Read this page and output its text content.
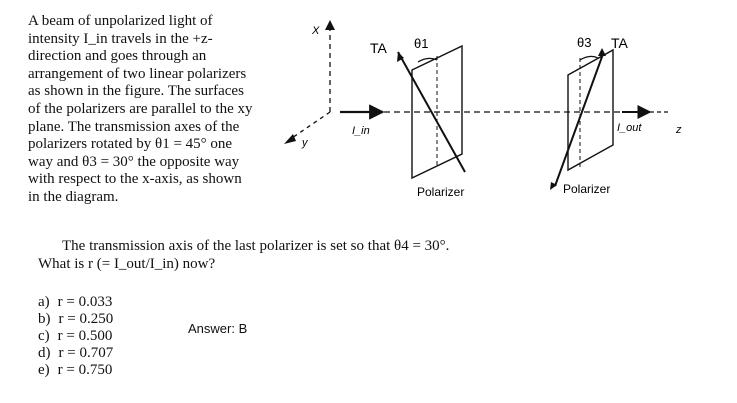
A beam of unpolarized light of
intensity I_in travels in the +z-
direction and goes through an
arrangement of two linear polarizers
as shown in the figure. The surfaces
of the polarizers are parallel to the xy
plane. The transmission axes of the
polarizers rotated by θ1 = 45° one
way and θ3 = 30° the opposite way
with respect to the x-axis, as shown
in the diagram.
The transmission axis of the last polarizer is set so that θ4 = 30°.
What is r (= I_out/I_in) now?
a) r = 0.033
b) r = 0.250
c) r = 0.500
d) r = 0.707
e) r = 0.750
Answer: B
X
y
z
I_in	I_out
TA θ1
Polarizer
θ3 TA
Polarizer
